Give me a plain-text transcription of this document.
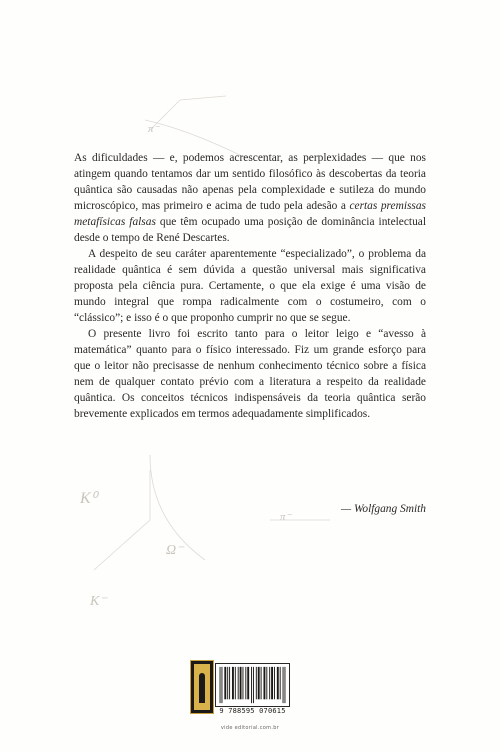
π⁻
K⁰
π⁻
Ω⁻
K⁻

As dificuldades — e, podemos acrescentar, as perplexidades — que nos atingem quando tentamos dar um sentido filosófico às descobertas da teoria quântica são causadas não apenas pela complexidade e sutileza do mundo microscópico, mas primeiro e acima de tudo pela adesão a certas premissas metafísicas falsas que têm ocupado uma posição de dominância intelectual desde o tempo de René Descartes.

A despeito de seu caráter aparentemente “especializado”, o problema da realidade quântica é sem dúvida a questão universal mais significativa proposta pela ciência pura. Certamente, o que ela exige é uma visão de mundo integral que rompa radicalmente com o costumeiro, com o “clássico”; e isso é o que proponho cumprir no que se segue.

O presente livro foi escrito tanto para o leitor leigo e “avesso à matemática” quanto para o físico interessado. Fiz um grande esforço para que o leitor não precisasse de nenhum conhecimento técnico sobre a física nem de qualquer contato prévio com a literatura a respeito da realidade quântica. Os conceitos técnicos indispensáveis da teoria quântica serão brevemente explicados em termos adequadamente simplificados.

— Wolfgang Smith
9 788595 070615
vide editorial.com.br
